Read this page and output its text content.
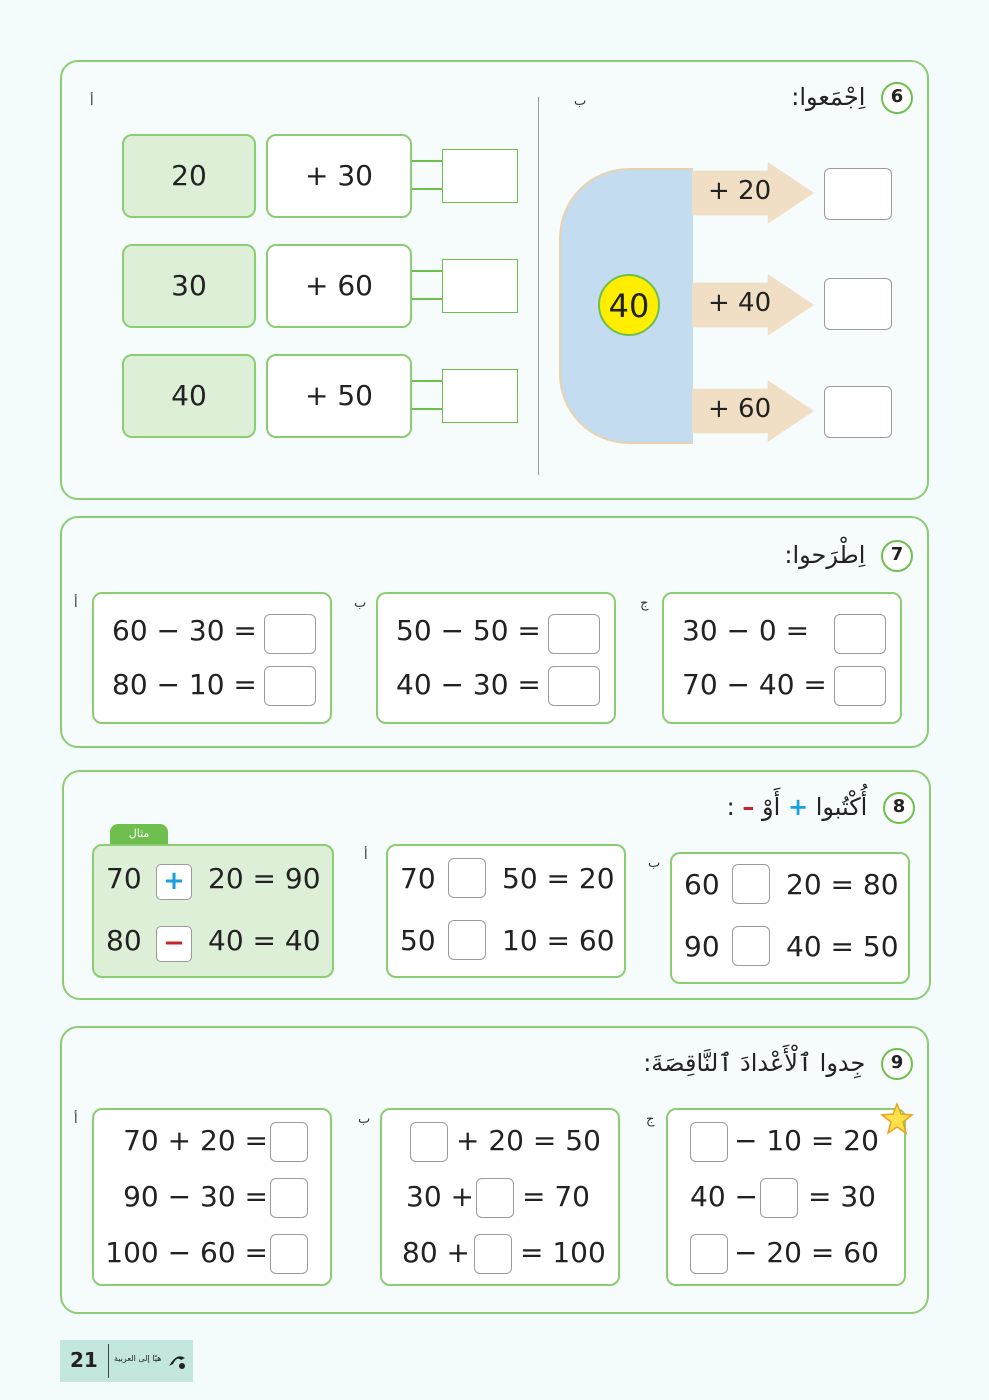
6 اِجْمَعوا:
أ	ب
20	+ 30
30	+ 60
40	+ 50
40
+ 20
+ 40
+ 60
7 اِطْرَحوا:
أ
60 − 30 =
80 − 10 =
ب
50 − 50 =
40 − 30 =
ج
30 − 0 =
70 − 40 =
8 أُكْتُبوا + أَوْ – :
مثال
70 + 20 = 90
80 − 40 = 40
أ
70 50 = 20
50 10 = 60
ب
60 20 = 80
90 40 = 50
9 جِدوا ٱلْأَعْدادَ ٱلنَّاقِصَةَ:
أ
70 + 20 =
90 − 30 =
100 − 60 =
ب
+ 20 = 50
30 + = 70
80 + = 100
ج
− 10 = 20
40 − = 30
− 20 = 60
21 هيّا إلى العربية
